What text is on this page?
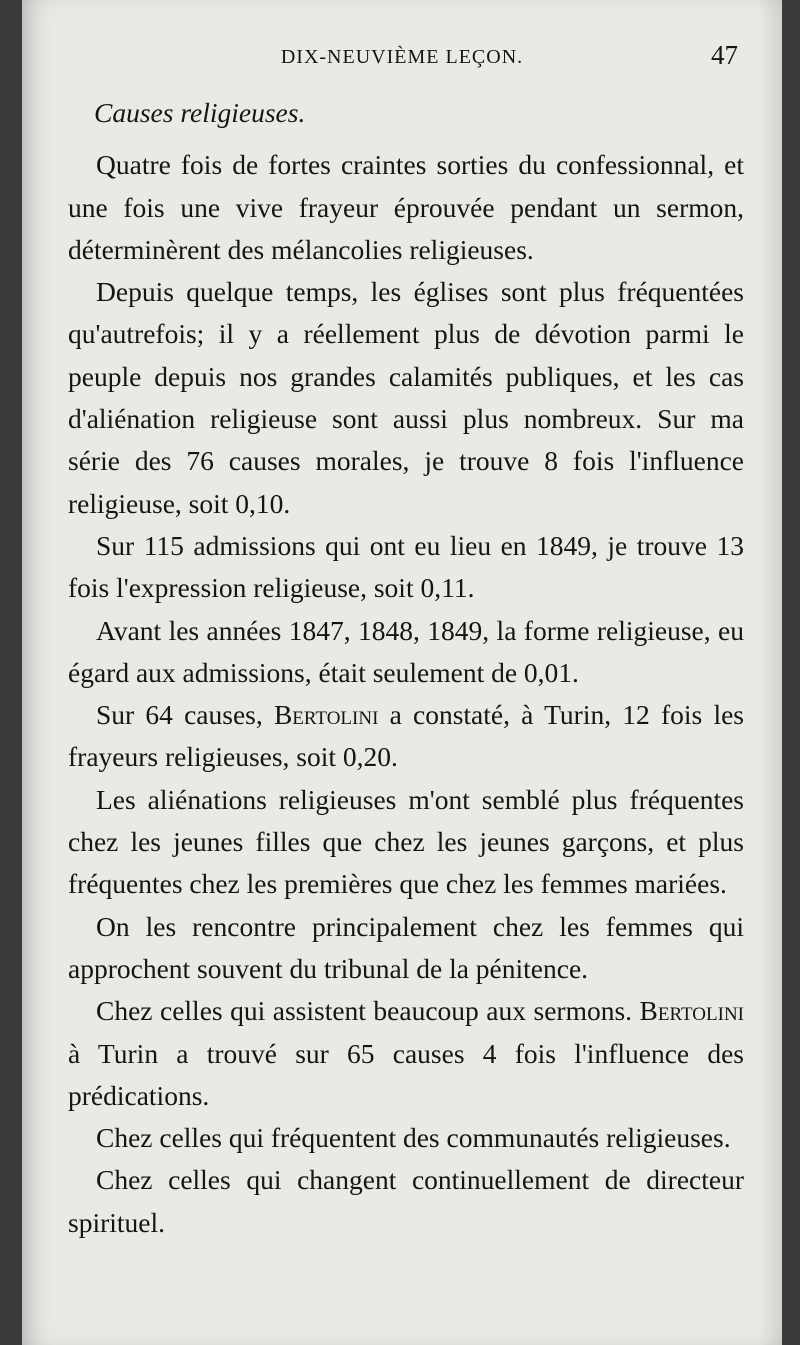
DIX-NEUVIÈME LEÇON.	47

Causes religieuses.

Quatre fois de fortes craintes sorties du confessionnal, et une fois une vive frayeur éprouvée pendant un sermon, déterminèrent des mélancolies religieuses.

Depuis quelque temps, les églises sont plus fréquentées qu'autrefois; il y a réellement plus de dévotion parmi le peuple depuis nos grandes calamités publiques, et les cas d'aliénation religieuse sont aussi plus nombreux. Sur ma série des 76 causes morales, je trouve 8 fois l'influence religieuse, soit 0,10.

Sur 115 admissions qui ont eu lieu en 1849, je trouve 13 fois l'expression religieuse, soit 0,11.

Avant les années 1847, 1848, 1849, la forme religieuse, eu égard aux admissions, était seulement de 0,01.

Sur 64 causes, Bertolini a constaté, à Turin, 12 fois les frayeurs religieuses, soit 0,20.

Les aliénations religieuses m'ont semblé plus fréquentes chez les jeunes filles que chez les jeunes garçons, et plus fréquentes chez les premières que chez les femmes mariées.

On les rencontre principalement chez les femmes qui approchent souvent du tribunal de la pénitence.

Chez celles qui assistent beaucoup aux sermons. Bertolini à Turin a trouvé sur 65 causes 4 fois l'influence des prédications.

Chez celles qui fréquentent des communautés religieuses.

Chez celles qui changent continuellement de directeur spirituel.
